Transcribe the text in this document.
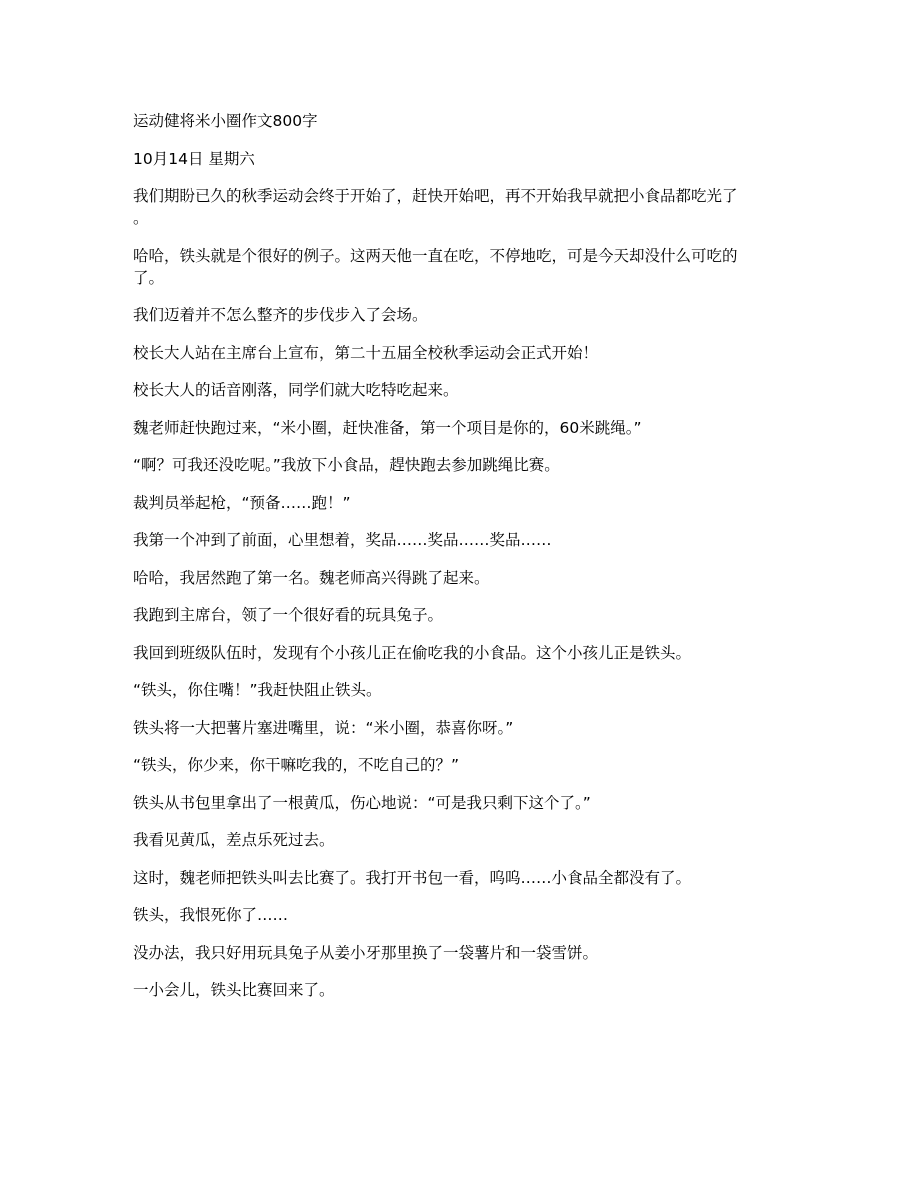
运动健将米小圈作文800字
10月14日 星期六
我们期盼已久的秋季运动会终于开始了，赶快开始吧，再不开始我早就把小食品都吃光了
。
哈哈，铁头就是个很好的例子。这两天他一直在吃，不停地吃，可是今天却没什么可吃的
了。
我们迈着并不怎么整齐的步伐步入了会场。
校长大人站在主席台上宣布，第二十五届全校秋季运动会正式开始！
校长大人的话音刚落，同学们就大吃特吃起来。
魏老师赶快跑过来，“米小圈，赶快准备，第一个项目是你的，60米跳绳。”
“啊？可我还没吃呢。”我放下小食品，趕快跑去参加跳绳比赛。
裁判员举起枪，“预备……跑！”
我第一个冲到了前面，心里想着，奖品……奖品……奖品……
哈哈，我居然跑了第一名。魏老师高兴得跳了起来。
我跑到主席台，领了一个很好看的玩具兔子。
我回到班级队伍时，发现有个小孩儿正在偷吃我的小食品。这个小孩儿正是铁头。
“铁头，你住嘴！”我赶快阻止铁头。
铁头将一大把薯片塞进嘴里，说：“米小圈，恭喜你呀。”
“铁头，你少来，你干嘛吃我的，不吃自己的？”
铁头从书包里拿出了一根黄瓜，伤心地说：“可是我只剩下这个了。”
我看见黄瓜，差点乐死过去。
这时，魏老师把铁头叫去比赛了。我打开书包一看，呜呜……小食品全都没有了。
铁头，我恨死你了……
没办法，我只好用玩具兔子从姜小牙那里换了一袋薯片和一袋雪饼。
一小会儿，铁头比赛回来了。
